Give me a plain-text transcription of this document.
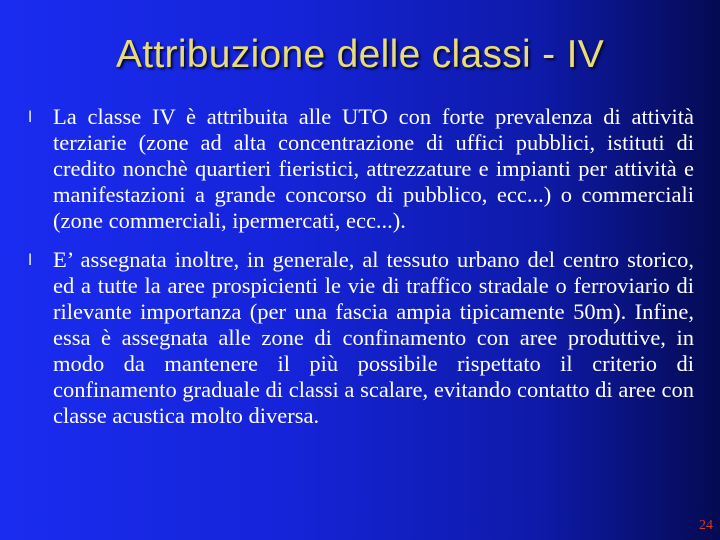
Attribuzione delle classi - IV
l La classe IV è attribuita alle UTO con forte prevalenza di attività terziarie (zone ad alta concentrazione di uffici pubblici, istituti di credito nonchè quartieri fieristici, attrezzature e impianti per attività e manifestazioni a grande concorso di pubblico, ecc...) o commerciali (zone commerciali, ipermercati, ecc...).

l E’ assegnata inoltre, in generale, al tessuto urbano del centro storico, ed a tutte la aree prospicienti le vie di traffico stradale o ferroviario di rilevante importanza (per una fascia ampia tipicamente 50m). Infine, essa è assegnata alle zone di confinamento con aree produttive, in modo da mantenere il più possibile rispettato il criterio di confinamento graduale di classi a scalare, evitando contatto di aree con classe acustica molto diversa.

24
